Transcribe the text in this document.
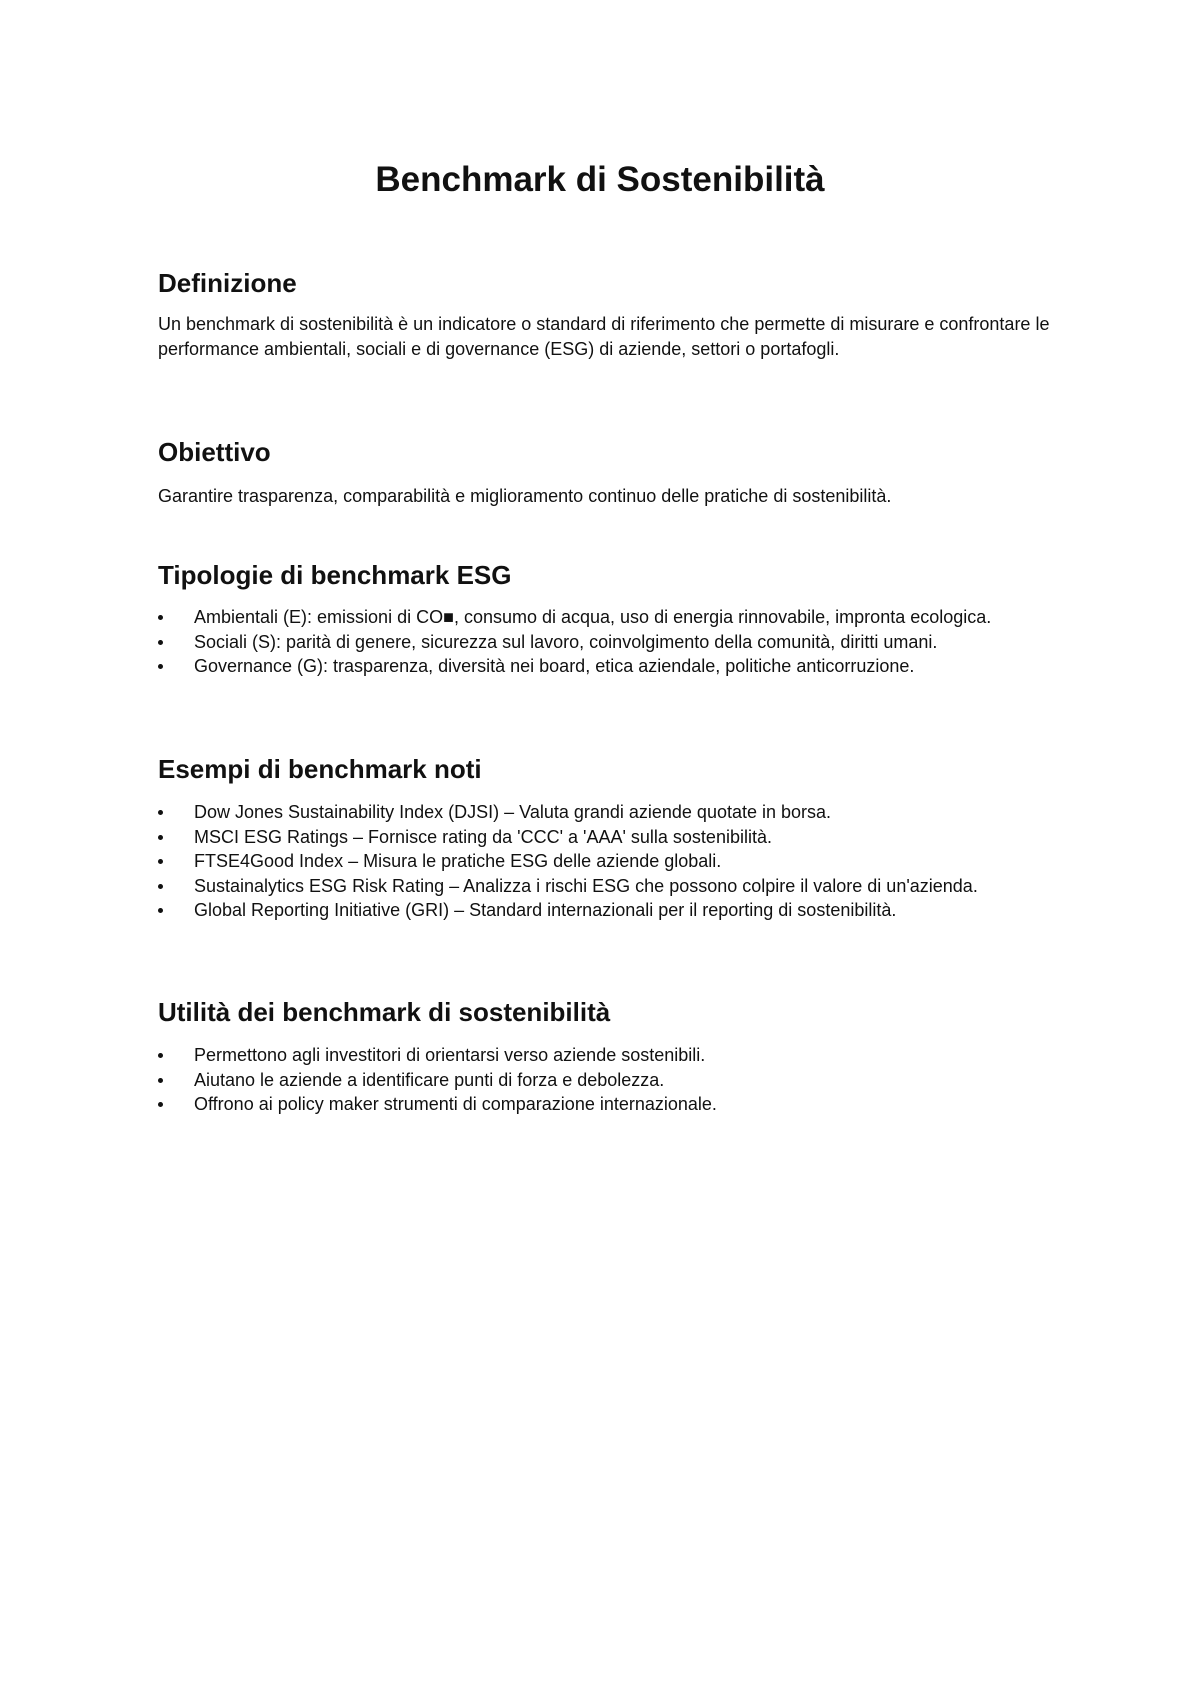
Benchmark di Sostenibilità
Definizione

Un benchmark di sostenibilità è un indicatore o standard di riferimento che permette di misurare e confrontare le performance ambientali, sociali e di governance (ESG) di aziende, settori o portafogli.

Obiettivo

Garantire trasparenza, comparabilità e miglioramento continuo delle pratiche di sostenibilità.

Tipologie di benchmark ESG
Ambientali (E): emissioni di CO■, consumo di acqua, uso di energia rinnovabile, impronta ecologica.
Sociali (S): parità di genere, sicurezza sul lavoro, coinvolgimento della comunità, diritti umani.
Governance (G): trasparenza, diversità nei board, etica aziendale, politiche anticorruzione.
Esempi di benchmark noti
Dow Jones Sustainability Index (DJSI) – Valuta grandi aziende quotate in borsa.
MSCI ESG Ratings – Fornisce rating da 'CCC' a 'AAA' sulla sostenibilità.
FTSE4Good Index – Misura le pratiche ESG delle aziende globali.
Sustainalytics ESG Risk Rating – Analizza i rischi ESG che possono colpire il valore di un'azienda.
Global Reporting Initiative (GRI) – Standard internazionali per il reporting di sostenibilità.
Utilità dei benchmark di sostenibilità
Permettono agli investitori di orientarsi verso aziende sostenibili.
Aiutano le aziende a identificare punti di forza e debolezza.
Offrono ai policy maker strumenti di comparazione internazionale.
